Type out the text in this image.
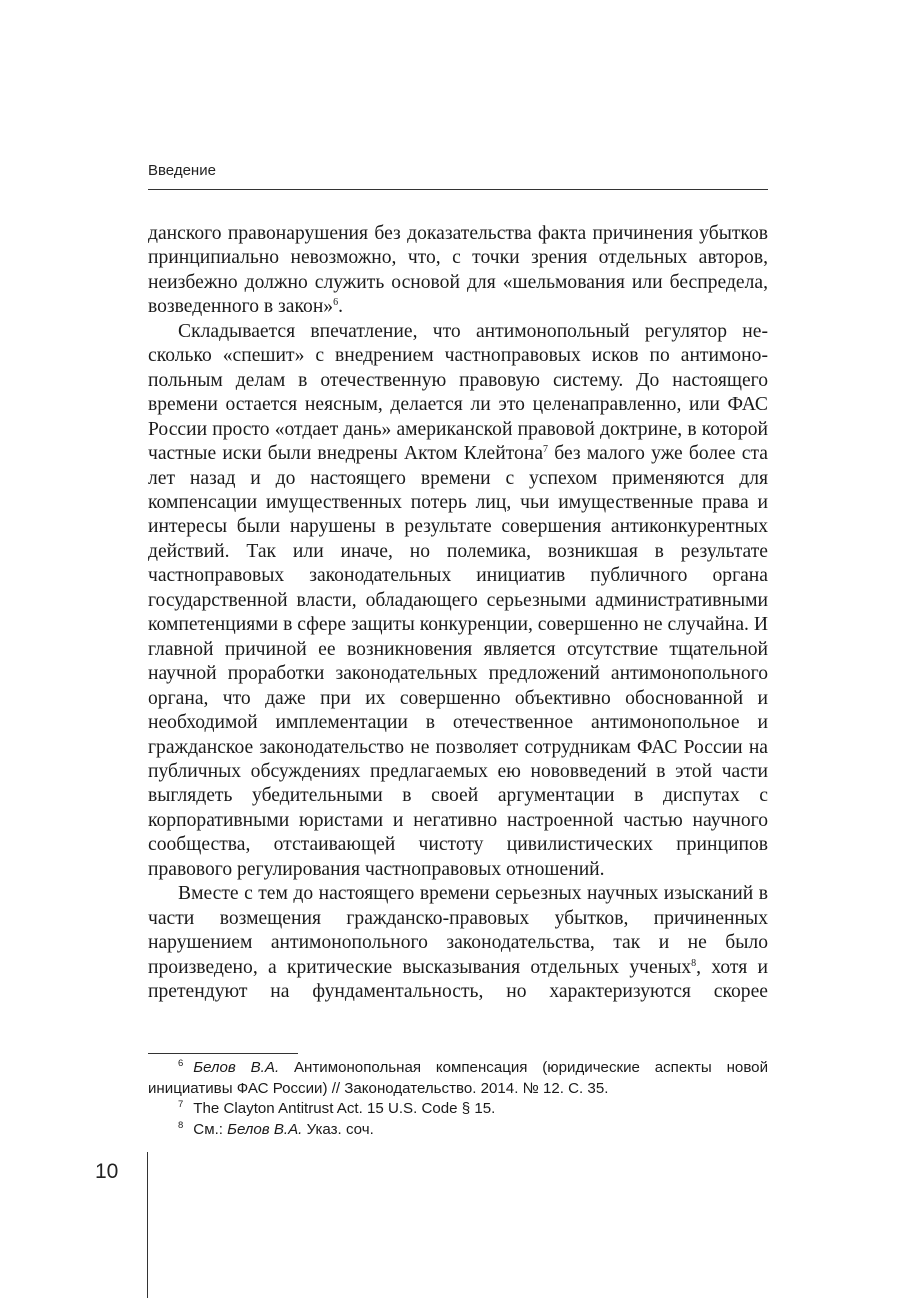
Введение

данского правонарушения без доказательства факта причинения убытков принципиально невозможно, что, с точки зрения отдельных авторов, неизбежно должно служить основой для «шельмования или беспредела, возведенного в закон»$^6$.

Складывается впечатление, что антимонопольный регулятор несколько «спешит» с внедрением частноправовых исков по антимонопольным делам в отечественную правовую систему. До настоящего времени остается неясным, делается ли это целенаправленно, или ФАС России просто «отдает дань» американской правовой доктрине, в которой частные иски были внедрены Актом Клейтона$^7$ без малого уже более ста лет назад и до настоящего времени с успехом применяются для компенсации имущественных потерь лиц, чьи имущественные права и интересы были нарушены в результате совершения антиконкурентных действий. Так или иначе, но полемика, возникшая в результате частноправовых законодательных инициатив публичного органа государственной власти, обладающего серьезными административными компетенциями в сфере защиты конкуренции, совершенно не случайна. И главной причиной ее возникновения является отсутствие тщательной научной проработки законодательных предложений антимонопольного органа, что даже при их совершенно объективно обоснованной и необходимой имплементации в отечественное антимонопольное и гражданское законодательство не позволяет сотрудникам ФАС России на публичных обсуждениях предлагаемых ею нововведений в этой части выглядеть убедительными в своей аргументации в диспутах с корпоративными юристами и негативно настроенной частью научного сообщества, отстаивающей чистоту цивилистических принципов правового регулирования частноправовых отношений.

Вместе с тем до настоящего времени серьезных научных изысканий в части возмещения гражданско-правовых убытков, причиненных нарушением антимонопольного законодательства, так и не было произведено, а критические высказывания отдельных ученых$^8$, хотя и претендуют на фундаментальность, но характеризуются скорее

$^6$ Белов В.А. Антимонопольная компенсация (юридические аспекты новой инициативы ФАС России) // Законодательство. 2014. № 12. С. 35.

$^7$ The Clayton Antitrust Act. 15 U.S. Code § 15.

$^8$ См.: Белов В.А. Указ. соч.

10
